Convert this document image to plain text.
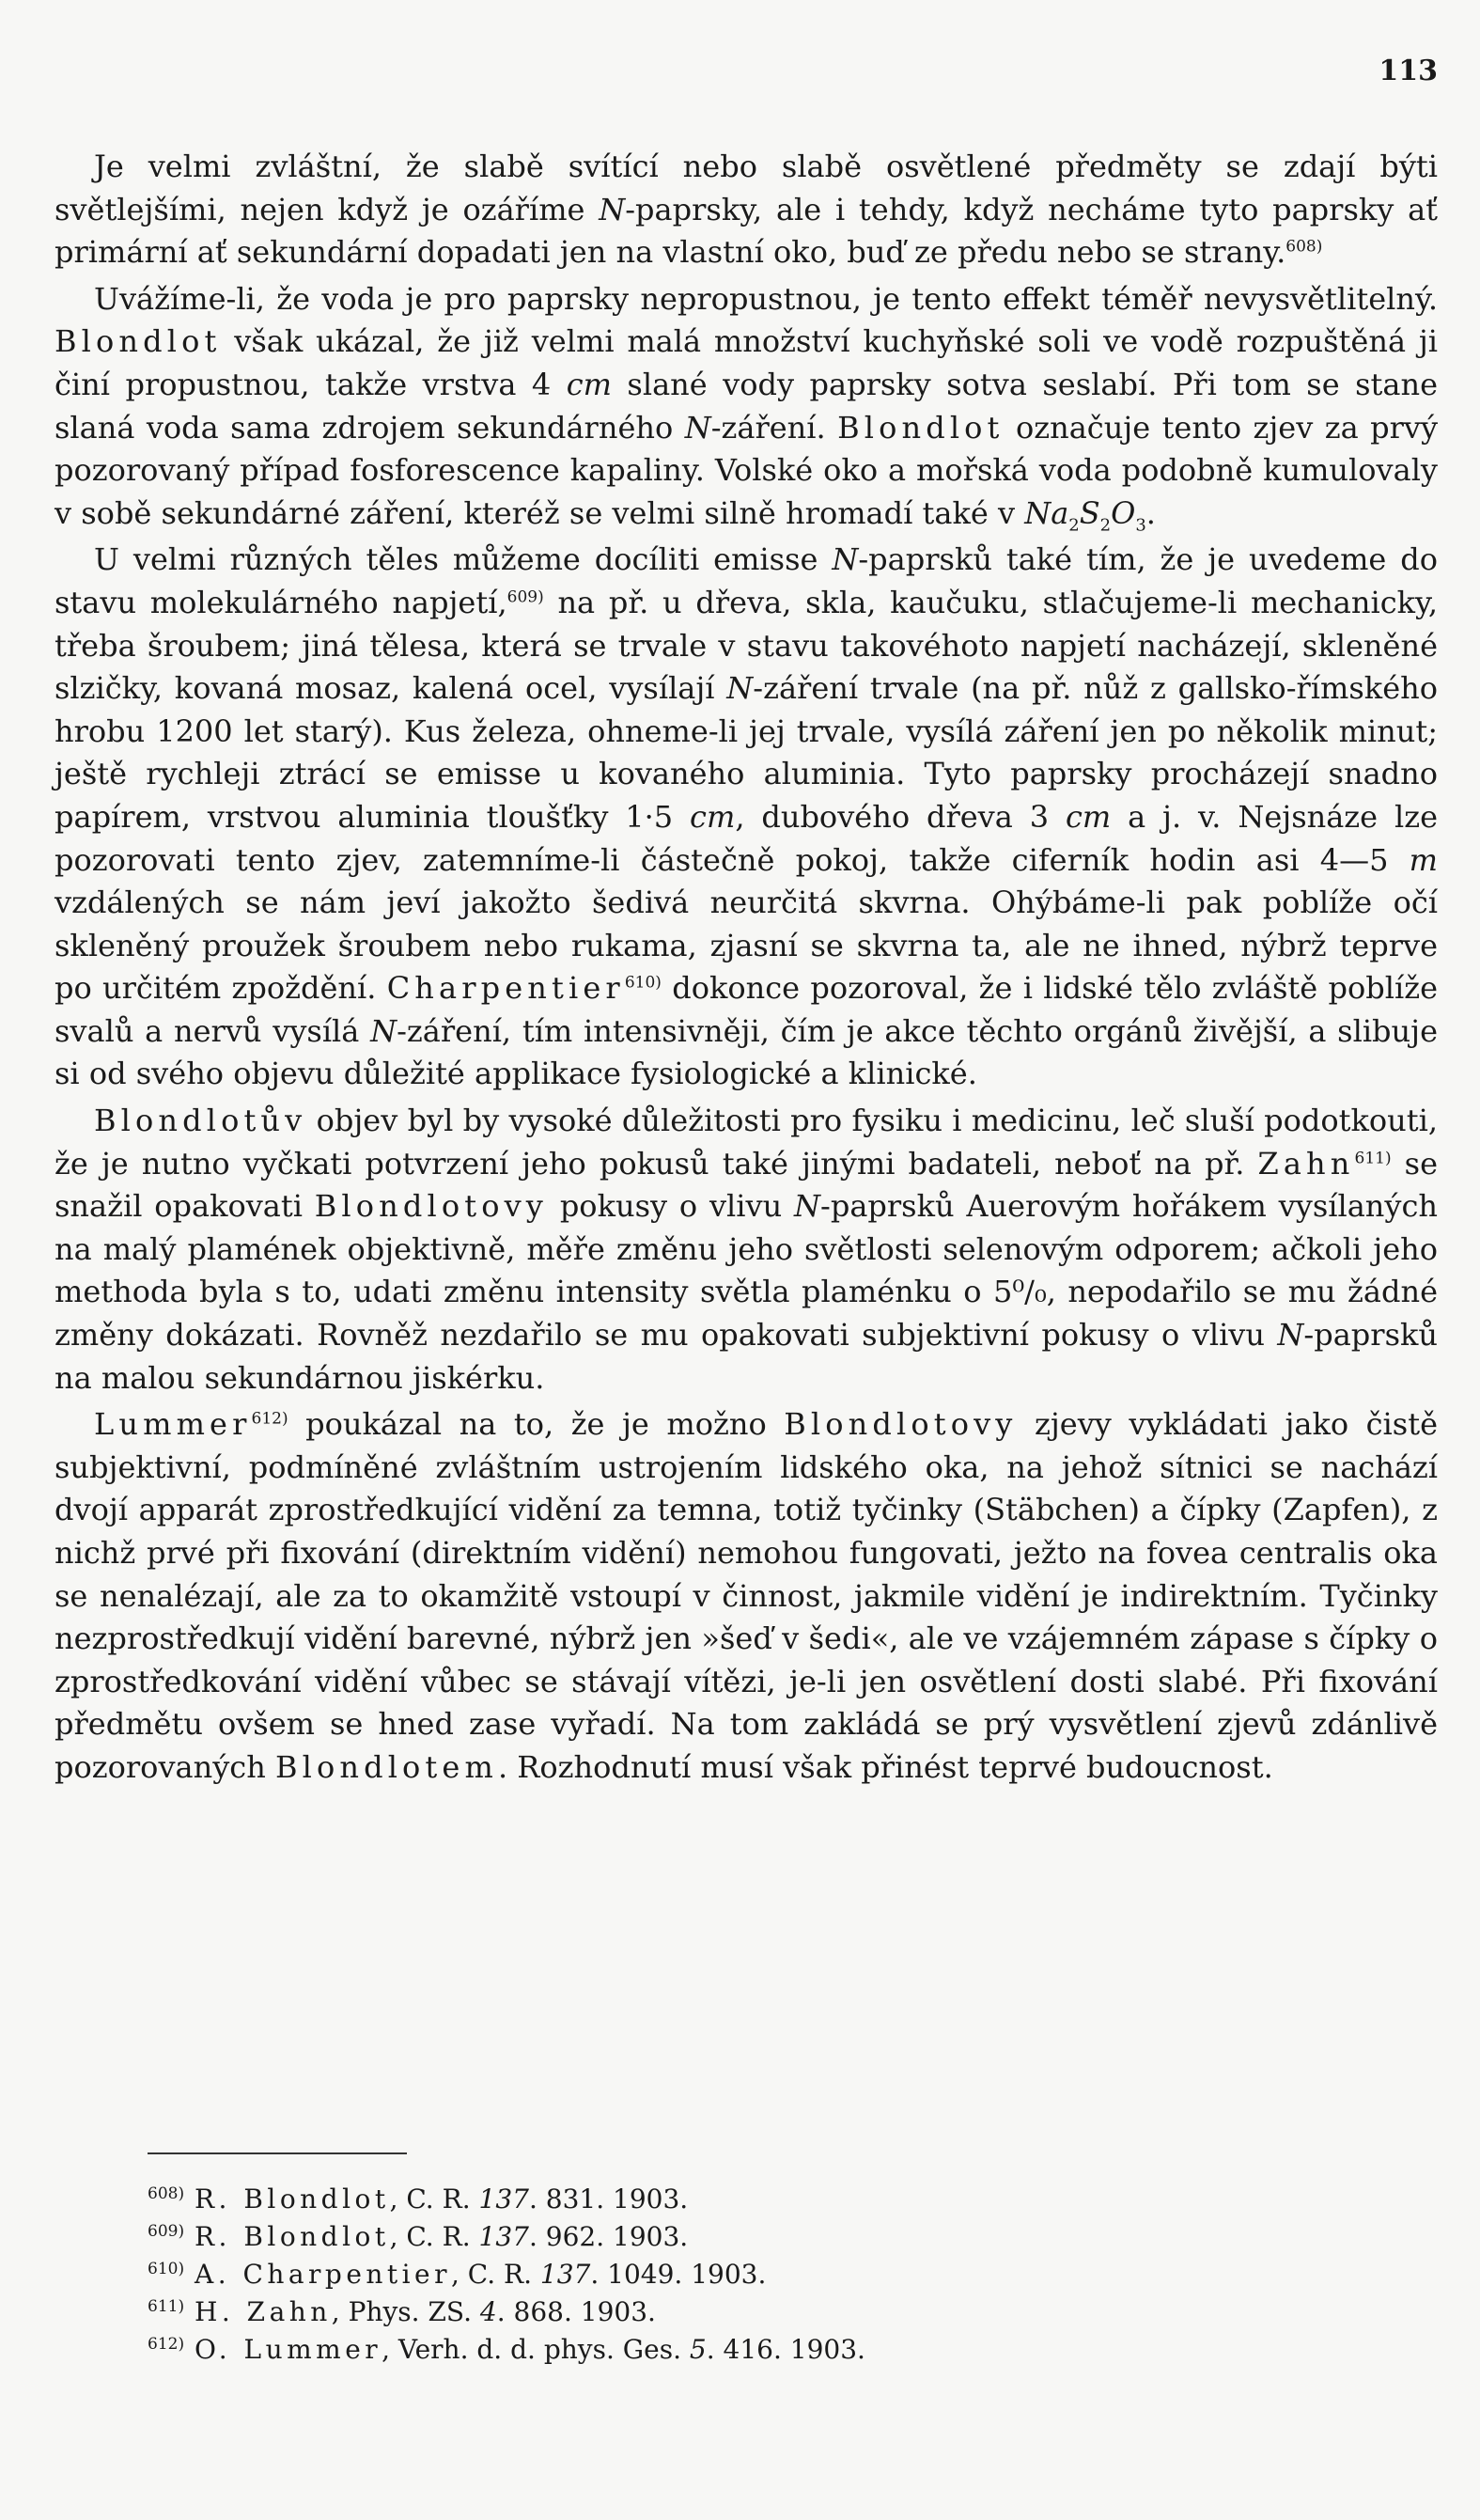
113

Je velmi zvláštní, že slabě svítící nebo slabě osvětlené předměty se zdají býti světlejšími, nejen když je ozáříme N-paprsky, ale i tehdy, když necháme tyto paprsky ať primární ať sekundární dopadati jen na vlastní oko, buď ze předu nebo se strany.$^{608)}$

Uvážíme-li, že voda je pro paprsky nepropustnou, je tento effekt téměř nevysvětlitelný. Blondlot však ukázal, že již velmi malá množství kuchyňské soli ve vodě rozpuštěná ji činí propustnou, takže vrstva 4 cm slané vody paprsky sotva seslabí. Při tom se stane slaná voda sama zdrojem sekundárného N-záření. Blondlot označuje tento zjev za prvý pozorovaný případ fosforescence kapaliny. Volské oko a mořská voda podobně kumulovaly v sobě sekundárné záření, kteréž se velmi silně hromadí také v $Na_2S_2O_3$.

U velmi různých těles můžeme docíliti emisse N-paprsků také tím, že je uvedeme do stavu molekulárného napjetí,$^{609)}$ na př. u dřeva, skla, kaučuku, stlačujeme-li mechanicky, třeba šroubem; jiná tělesa, která se trvale v stavu takovéhoto napjetí nacházejí, skleněné slzičky, kovaná mosaz, kalená ocel, vysílají N-záření trvale (na př. nůž z gallsko-římského hrobu 1200 let starý). Kus železa, ohneme-li jej trvale, vysílá záření jen po několik minut; ještě rychleji ztrácí se emisse u kovaného aluminia. Tyto paprsky procházejí snadno papírem, vrstvou aluminia tloušťky 1·5 cm, dubového dřeva 3 cm a j. v. Nejsnáze lze pozorovati tento zjev, zatemníme-li částečně pokoj, takže ciferník hodin asi 4—5 m vzdálených se nám jeví jakožto šedivá neurčitá skvrna. Ohýbáme-li pak poblíže očí skleněný proužek šroubem nebo rukama, zjasní se skvrna ta, ale ne ihned, nýbrž teprve po určitém zpoždění. Charpentier$^{610)}$ dokonce pozoroval, že i lidské tělo zvláště poblíže svalů a nervů vysílá N-záření, tím intensivněji, čím je akce těchto orgánů živější, a slibuje si od svého objevu důležité applikace fysiologické a klinické.

Blondlotův objev byl by vysoké důležitosti pro fysiku i medicinu, leč sluší podotkouti, že je nutno vyčkati potvrzení jeho pokusů také jinými badateli, neboť na př. Zahn$^{611)}$ se snažil opakovati Blondlotovy pokusy o vlivu N-paprsků Auerovým hořákem vysílaných na malý plamének objektivně, měře změnu jeho světlosti selenovým odporem; ačkoli jeho methoda byla s to, udati změnu intensity světla plaménku o 5⁰/₀, nepodařilo se mu žádné změny dokázati. Rovněž nezdařilo se mu opakovati subjektivní pokusy o vlivu N-paprsků na malou sekundárnou jiskérku.

Lummer$^{612)}$ poukázal na to, že je možno Blondlotovy zjevy vykládati jako čistě subjektivní, podmíněné zvláštním ustrojením lidského oka, na jehož sítnici se nachází dvojí apparát zprostředkující vidění za temna, totiž tyčinky (Stäbchen) a čípky (Zapfen), z nichž prvé při fixování (direktním vidění) nemohou fungovati, ježto na fovea centralis oka se nenalézají, ale za to okamžitě vstoupí v činnost, jakmile vidění je indirektním. Tyčinky nezprostředkují vidění barevné, nýbrž jen »šeď v šedi«, ale ve vzájemném zápase s čípky o zprostředkování vidění vůbec se stávají vítězi, je-li jen osvětlení dosti slabé. Při fixování předmětu ovšem se hned zase vyřadí. Na tom zakládá se prý vysvětlení zjevů zdánlivě pozorovaných Blondlotem. Rozhodnutí musí však přinést teprvé budoucnost.

608) R. Blondlot, C. R. 137. 831. 1903.
609) R. Blondlot, C. R. 137. 962. 1903.
610) A. Charpentier, C. R. 137. 1049. 1903.
611) H. Zahn, Phys. ZS. 4. 868. 1903.
612) O. Lummer, Verh. d. d. phys. Ges. 5. 416. 1903.
